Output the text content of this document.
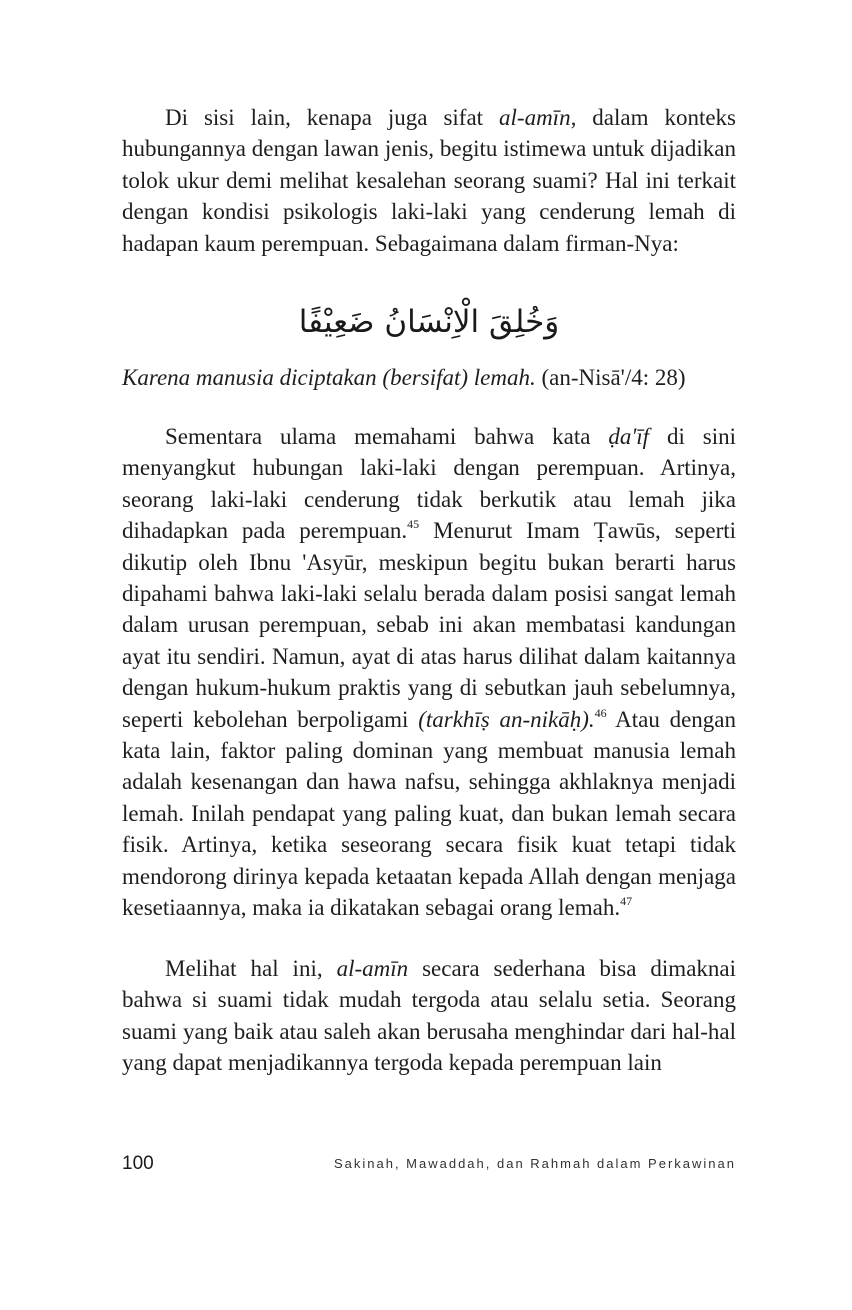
Di sisi lain, kenapa juga sifat al-amīn, dalam konteks hubungannya dengan lawan jenis, begitu istimewa untuk dijadikan tolok ukur demi melihat kesalehan seorang suami? Hal ini terkait dengan kondisi psikologis laki-laki yang cenderung lemah di hadapan kaum perempuan. Sebagaimana dalam firman-Nya:

وَخُلِقَ الْاِنْسَانُ ضَعِيْفًا
Karena manusia diciptakan (bersifat) lemah. (an-Nisā'/4: 28)

Sementara ulama memahami bahwa kata ḍa'īf di sini menyangkut hubungan laki-laki dengan perempuan. Artinya, seorang laki-laki cenderung tidak berkutik atau lemah jika dihadapkan pada perempuan.$^{45}$ Menurut Imam Ṭawūs, seperti dikutip oleh Ibnu 'Asyūr, meskipun begitu bukan berarti harus dipahami bahwa laki-laki selalu berada dalam posisi sangat lemah dalam urusan perempuan, sebab ini akan membatasi kandungan ayat itu sendiri. Namun, ayat di atas harus dilihat dalam kaitannya dengan hukum-hukum praktis yang di sebutkan jauh sebelumnya, seperti kebolehan berpoligami (tarkhīṣ an-nikāḥ).$^{46}$ Atau dengan kata lain, faktor paling dominan yang membuat manusia lemah adalah kesenangan dan hawa nafsu, sehingga akhlaknya menjadi lemah. Inilah pendapat yang paling kuat, dan bukan lemah secara fisik. Artinya, ketika seseorang secara fisik kuat tetapi tidak mendorong dirinya kepada ketaatan kepada Allah dengan menjaga kesetiaannya, maka ia dikatakan sebagai orang lemah.$^{47}$

Melihat hal ini, al-amīn secara sederhana bisa dimaknai bahwa si suami tidak mudah tergoda atau selalu setia. Seorang suami yang baik atau saleh akan berusaha menghindar dari hal-hal yang dapat menjadikannya tergoda kepada perempuan lain

100	Sakinah, Mawaddah, dan Rahmah dalam Perkawinan
